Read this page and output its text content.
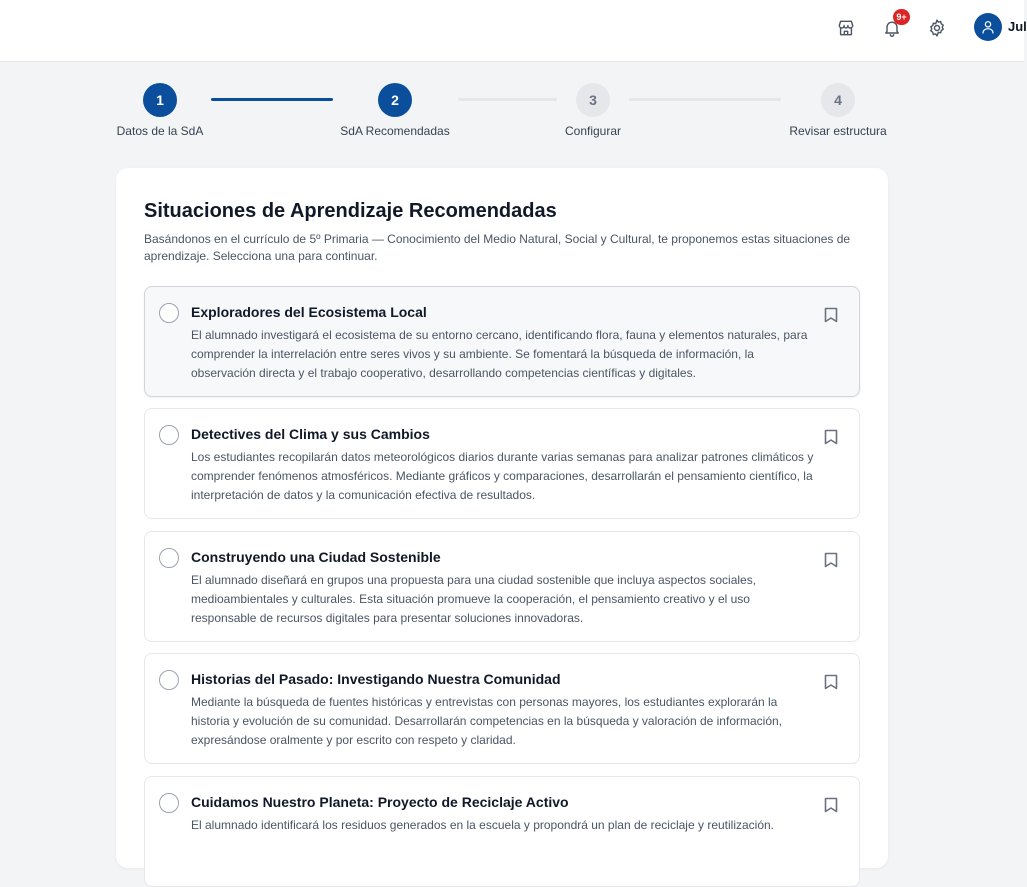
9+
Jul
1
Datos de la SdA
2
SdA Recomendadas
3
Configurar
4
Revisar estructura
Situaciones de Aprendizaje Recomendadas
Basándonos en el currículo de 5º Primaria — Conocimiento del Medio Natural, Social y Cultural, te proponemos estas situaciones de aprendizaje. Selecciona una para continuar.
Exploradores del Ecosistema Local
El alumnado investigará el ecosistema de su entorno cercano, identificando flora, fauna y elementos naturales, para comprender la interrelación entre seres vivos y su ambiente. Se fomentará la búsqueda de información, la observación directa y el trabajo cooperativo, desarrollando competencias científicas y digitales.
Detectives del Clima y sus Cambios
Los estudiantes recopilarán datos meteorológicos diarios durante varias semanas para analizar patrones climáticos y comprender fenómenos atmosféricos. Mediante gráficos y comparaciones, desarrollarán el pensamiento científico, la interpretación de datos y la comunicación efectiva de resultados.
Construyendo una Ciudad Sostenible
El alumnado diseñará en grupos una propuesta para una ciudad sostenible que incluya aspectos sociales, medioambientales y culturales. Esta situación promueve la cooperación, el pensamiento creativo y el uso responsable de recursos digitales para presentar soluciones innovadoras.
Historias del Pasado: Investigando Nuestra Comunidad
Mediante la búsqueda de fuentes históricas y entrevistas con personas mayores, los estudiantes explorarán la historia y evolución de su comunidad. Desarrollarán competencias en la búsqueda y valoración de información, expresándose oralmente y por escrito con respeto y claridad.
Cuidamos Nuestro Planeta: Proyecto de Reciclaje Activo
El alumnado identificará los residuos generados en la escuela y propondrá un plan de reciclaje y reutilización.
